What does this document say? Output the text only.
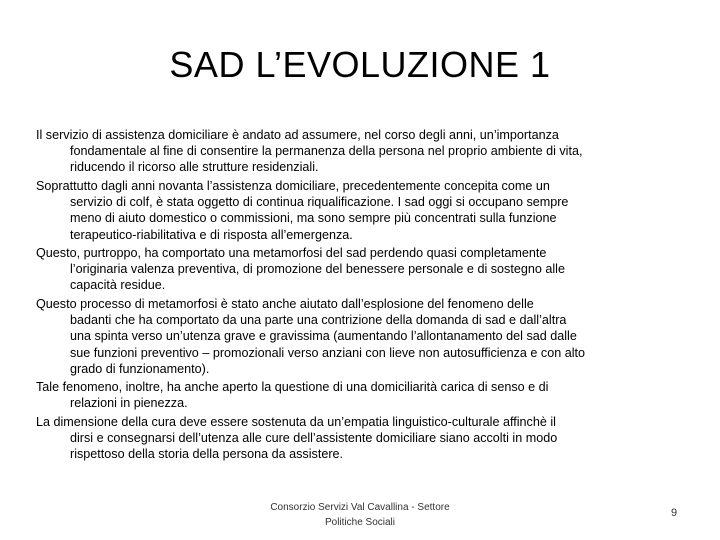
SAD L’EVOLUZIONE 1
Il servizio di assistenza domiciliare è andato ad assumere, nel corso degli anni, un’importanza
fondamentale al fine di consentire la permanenza della persona nel proprio ambiente di vita,
riducendo il ricorso alle strutture residenziali.
Soprattutto dagli anni novanta l’assistenza domiciliare, precedentemente concepita come un
servizio di colf, è stata oggetto di continua riqualificazione. I sad oggi si occupano sempre
meno di aiuto domestico o commissioni, ma sono sempre più concentrati sulla funzione
terapeutico-riabilitativa e di risposta all’emergenza.
Questo, purtroppo, ha comportato una metamorfosi del sad perdendo quasi completamente
l’originaria valenza preventiva, di promozione del benessere personale e di sostegno alle
capacità residue.
Questo processo di metamorfosi è stato anche aiutato dall’esplosione del fenomeno delle
badanti che ha comportato da una parte una contrizione della domanda di sad e dall’altra
una spinta verso un’utenza grave e gravissima (aumentando l’allontanamento del sad dalle
sue funzioni preventivo – promozionali verso anziani con lieve non autosufficienza e con alto
grado di funzionamento).
Tale fenomeno, inoltre, ha anche aperto la questione di una domiciliarità carica di senso e di
relazioni in pienezza.
La dimensione della cura deve essere sostenuta da un’empatia linguistico-culturale affinchè il
dirsi e consegnarsi dell’utenza alle cure dell’assistente domiciliare siano accolti in modo
rispettoso della storia della persona da assistere.
Consorzio Servizi Val Cavallina - Settore
Politiche Sociali
9
